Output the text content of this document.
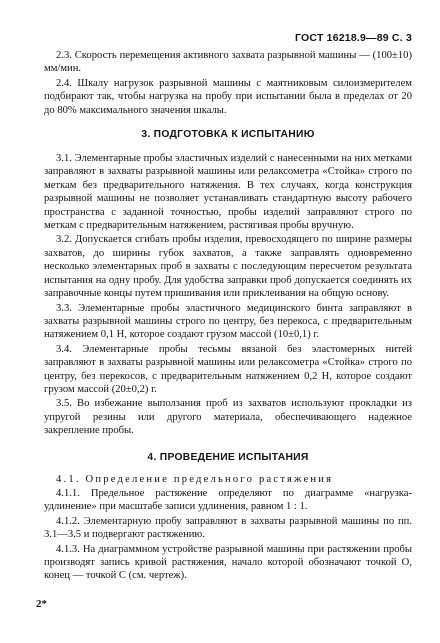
ГОСТ 16218.9—89 С. 3

2.3. Скорость перемещения активного захвата разрывной машины — (100±10) мм/мин.

2.4. Шкалу нагрузок разрывной машины с маятниковым силоизмерителем подбирают так, чтобы нагрузка на пробу при испытании была в пределах от 20 до 80% максимального значения шкалы.

3. ПОДГОТОВКА К ИСПЫТАНИЮ

3.1. Элементарные пробы эластичных изделий с нанесенными на них метками заправляют в захваты разрывной машины или релаксометра «Стойка» строго по меткам без предварительного натяжения. В тех случаях, когда конструкция разрывной машины не позволяет устанавливать стандартную высоту рабочего пространства с заданной точностью, пробы изделий заправляют строго по меткам с предварительным натяжением, растягивая пробы вручную.

3.2. Допускается сгибать пробы изделия, превосходящего по ширине размеры захватов, до ширины губок захватов, а также заправлять одновременно несколько элементарных проб в захваты с последующим пересчетом результата испытания на одну пробу. Для удобства заправки проб допускается соединять их заправочные концы путем пришивания или приклеивания на общую основу.

3.3. Элементарные пробы эластичного медицинского бинта заправляют в захваты разрывной машины строго по центру, без перекоса, с предварительным натяжением 0,1 Н, которое создают грузом массой (10±0,1) г.

3.4. Элементарные пробы тесьмы вязаной без эластомерных нитей заправляют в захваты разрывной машины или релаксометра «Стойка» строго по центру, без перекосов, с предварительным натяжением 0,2 Н, которое создают грузом массой (20±0,2) г.

3.5. Во избежание выползания проб из захватов используют прокладки из упругой резины или другого материала, обеспечивающего надежное закрепление пробы.

4. ПРОВЕДЕНИЕ ИСПЫТАНИЯ

4.1. Определение предельного растяжения

4.1.1. Предельное растяжение определяют по диаграмме «нагрузка-удлинение» при масштабе записи удлинения, равном 1 : 1.

4.1.2. Элементарную пробу заправляют в захваты разрывной машины по пп. 3.1—3.5 и подвергают растяжению.

4.1.3. На диаграммном устройстве разрывной машины при растяжении пробы производят запись кривой растяжения, начало которой обозначают точкой О, конец — точкой С (см. чертеж).

2*
